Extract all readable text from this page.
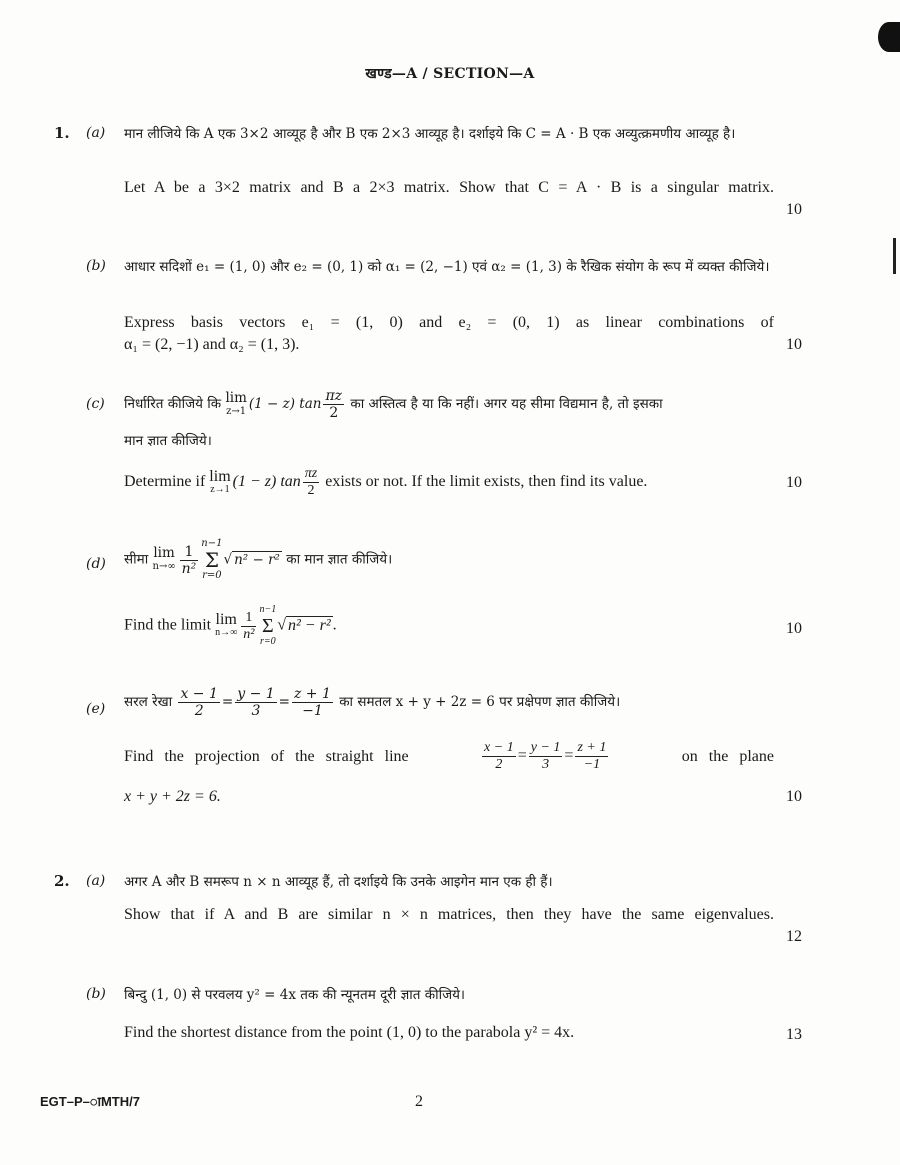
खण्ड—A / SECTION—A
1. (a) मान लीजिये कि A एक 3×2 आव्यूह है और B एक 2×3 आव्यूह है। दर्शाइये कि C = A · B एक अव्युत्क्रमणीय आव्यूह है।
Let A be a 3×2 matrix and B a 2×3 matrix. Show that C = A · B is a singular matrix.
10
(b) आधार सदिशों e₁ = (1, 0) और e₂ = (0, 1) को α₁ = (2, −1) एवं α₂ = (1, 3) के रैखिक संयोग के रूप में व्यक्त कीजिये।
Express basis vectors e₁ = (1, 0) and e₂ = (0, 1) as linear combinations of
α₁ = (2, −1) and α₂ = (1, 3).	10
(c) निर्धारित कीजिये कि lim
z→1 (1 − z) $\tan \frac{\pi z}{2}$ का अस्तित्व है या कि नहीं। अगर यह सीमा विद्यमान है, तो इसका
मान ज्ञात कीजिये।
Determine if lim
z→1 (1 − z) $\tan \frac{\pi z}{2}$ exists or not. If the limit exists, then find its value.	10
(d) सीमा lim
$n\to\infty \frac{1}{\text{n²}} n-1$
Σ
r=0√ n² − r² का मान ज्ञात कीजिये।
Find the limit lim
$n\to\infty \frac{1}{\text{n²}} n-1$
Σ
r=0√ n² − r² .	10
(e) सरल रेखा $\frac{x - 1}{2} = \frac{y - 1}{3} = \frac{z + 1}{-1}$ का समतल x + y + 2z = 6 पर प्रक्षेपण ज्ञात कीजिये।
Find the projection of the straight line	$\frac{x - 1}{2} = \frac{y - 1}{3} = \frac{z + 1}{-1}$	on the plane
x + y + 2z = 6.	10
2. (a) अगर A और B समरूप n × n आव्यूह हैं, तो दर्शाइये कि उनके आइगेन मान एक ही हैं।
Show that if A and B are similar n × n matrices, then they have the same eigenvalues.
12
(b) बिन्दु (1, 0) से परवलय y² = 4x तक की न्यूनतम दूरी ज्ञात कीजिये।
Find the shortest distance from the point (1, 0) to the parabola y² = 4x.	13
EGT–P–ाMTH/7	2
